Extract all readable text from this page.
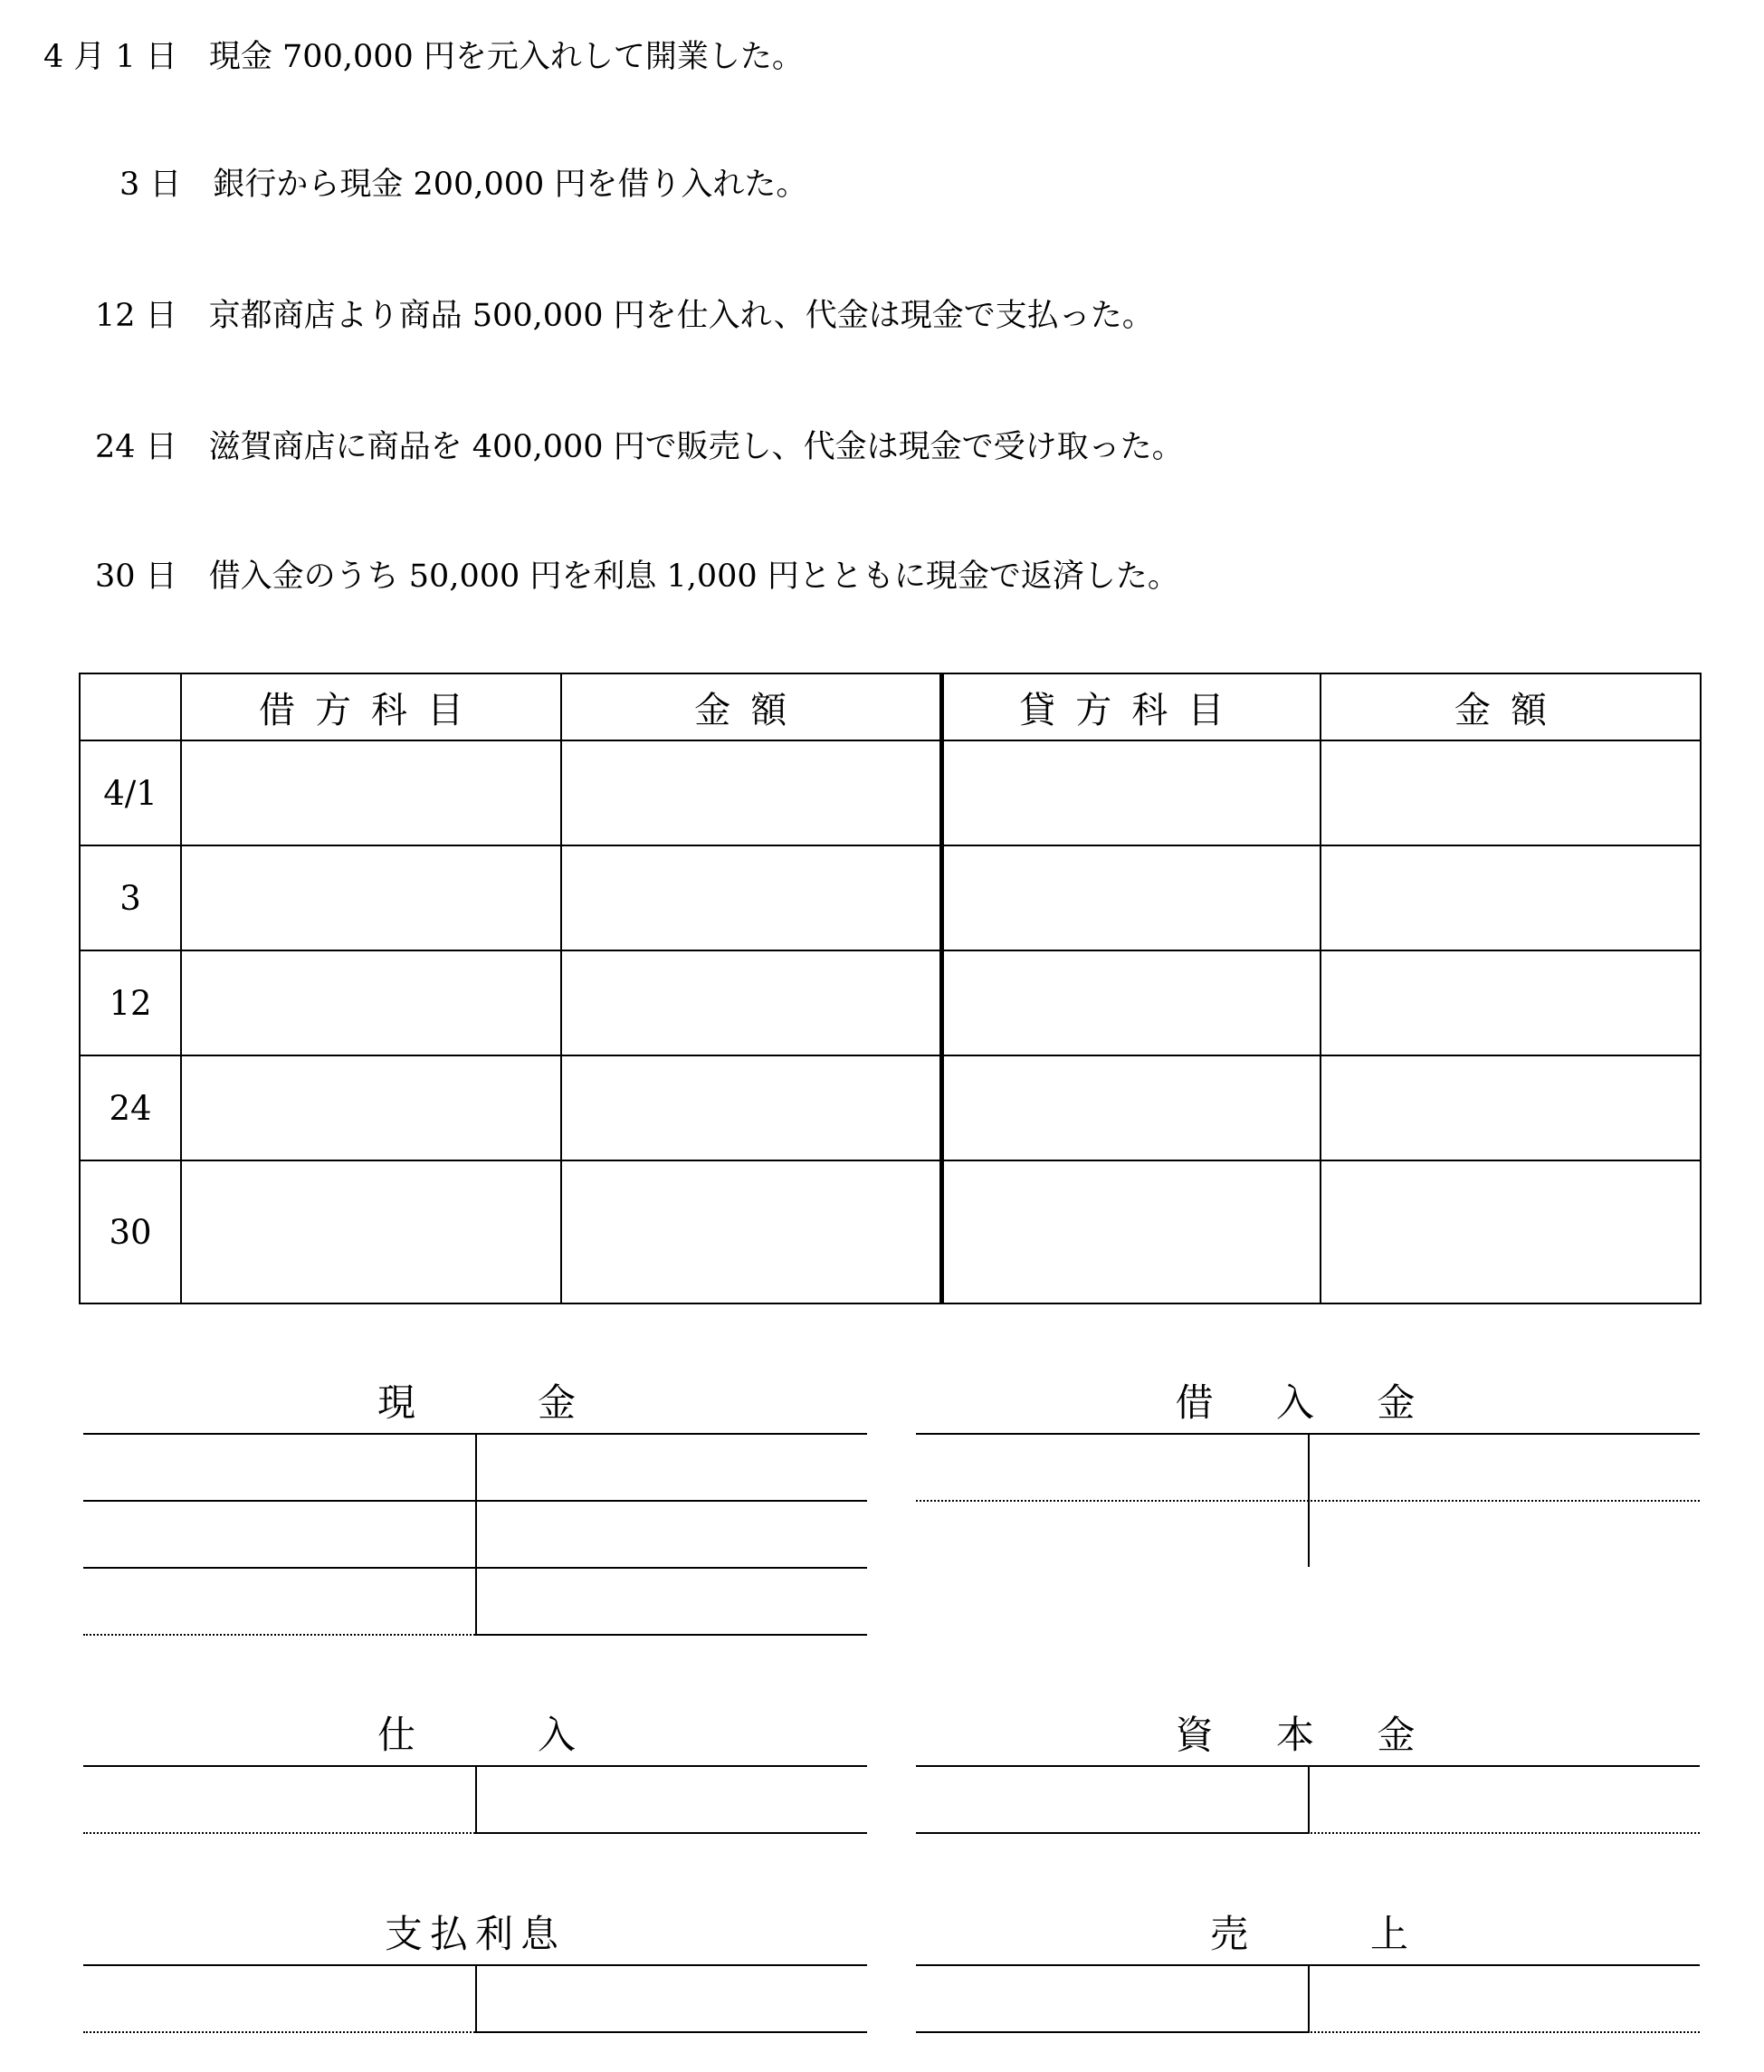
4 月 1 日　現金 700,000 円を元入れして開業した。
3 日　銀行から現金 200,000 円を借り入れた。
12 日　京都商店より商品 500,000 円を仕入れ、代金は現金で支払った。
24 日　滋賀商店に商品を 400,000 円で販売し、代金は現金で受け取った。
30 日　借入金のうち 50,000 円を利息 1,000 円とともに現金で返済した。
	借方科目	金額	貸方科目	金額
4/1				
3				
12				
24				
30				
現	金	借 入 金
仕	入	資 本 金
支払利息	売	上
